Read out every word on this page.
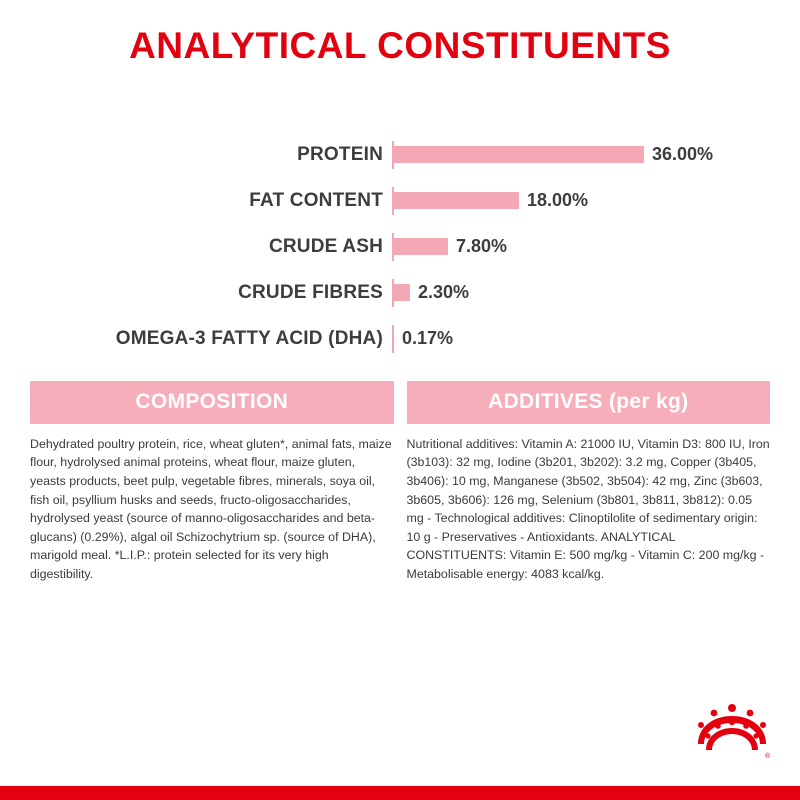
ANALYTICAL CONSTITUENTS
PROTEIN	36.00%
FAT CONTENT	18.00%
CRUDE ASH	7.80%
CRUDE FIBRES	2.30%
OMEGA-3 FATTY ACID (DHA)	0.17%
COMPOSITION

Dehydrated poultry protein, rice, wheat gluten*, animal fats, maize flour, hydrolysed animal proteins, wheat flour, maize gluten, yeasts products, beet pulp, vegetable fibres, minerals, soya oil, fish oil, psyllium husks and seeds, fructo-oligosaccharides, hydrolysed yeast (source of manno-oligosaccharides and beta-glucans) (0.29%), algal oil Schizochytrium sp. (source of DHA), marigold meal. *L.I.P.: protein selected for its very high digestibility.

ADDITIVES (per kg)

Nutritional additives: Vitamin A: 21000 IU, Vitamin D3: 800 IU, Iron (3b103): 32 mg, Iodine (3b201, 3b202): 3.2 mg, Copper (3b405, 3b406): 10 mg, Manganese (3b502, 3b504): 42 mg, Zinc (3b603, 3b605, 3b606): 126 mg, Selenium (3b801, 3b811, 3b812): 0.05 mg - Technological additives: Clinoptilolite of sedimentary origin: 10 g - Preservatives - Antioxidants. ANALYTICAL CONSTITUENTS: Vitamin E: 500 mg/kg - Vitamin C: 200 mg/kg - Metabolisable energy: 4083 kcal/kg.

®
